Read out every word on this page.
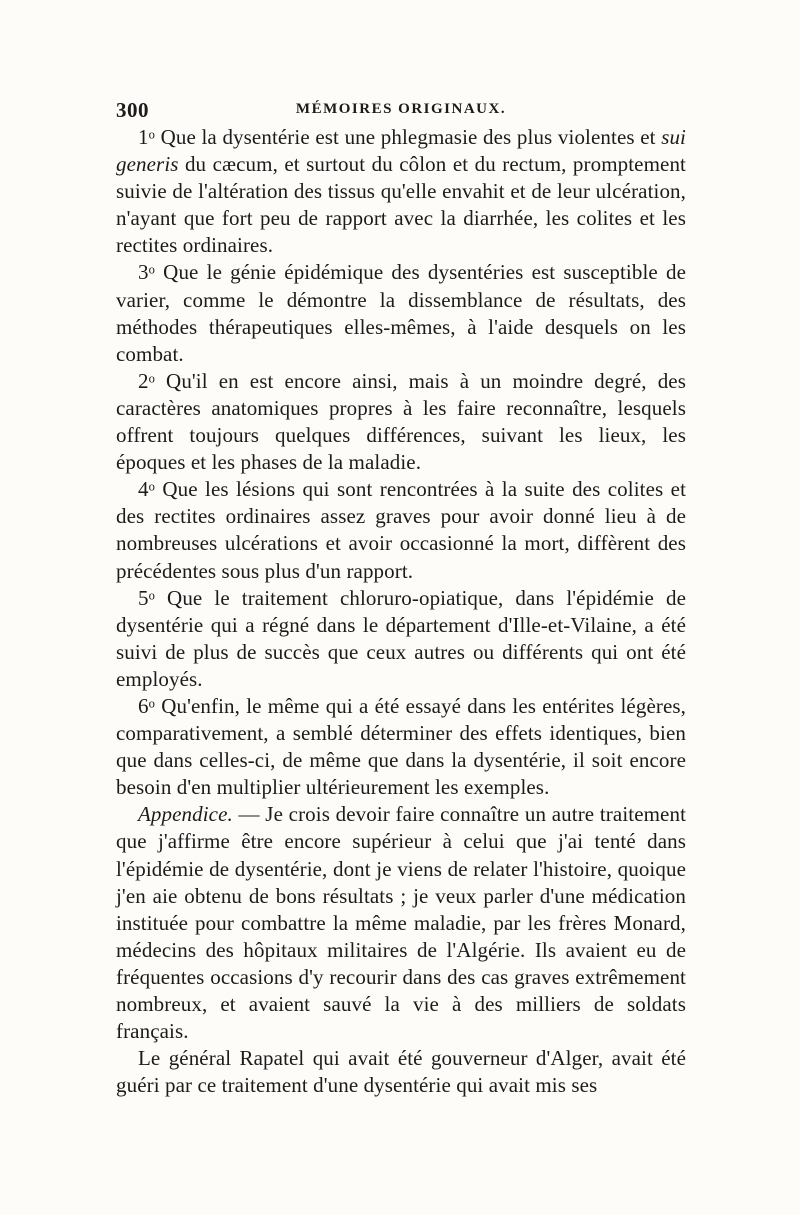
300	MÉMOIRES ORIGINAUX.

1$^o$ Que la dysentérie est une phlegmasie des plus violentes et sui generis du cæcum, et surtout du côlon et du rectum, promptement suivie de l'altération des tissus qu'elle envahit et de leur ulcération, n'ayant que fort peu de rapport avec la diarrhée, les colites et les rectites ordinaires.

3$^o$ Que le génie épidémique des dysentéries est susceptible de varier, comme le démontre la dissemblance de résultats, des méthodes thérapeutiques elles-mêmes, à l'aide desquels on les combat.

2$^o$ Qu'il en est encore ainsi, mais à un moindre degré, des caractères anatomiques propres à les faire reconnaître, lesquels offrent toujours quelques différences, suivant les lieux, les époques et les phases de la maladie.

4$^o$ Que les lésions qui sont rencontrées à la suite des colites et des rectites ordinaires assez graves pour avoir donné lieu à de nombreuses ulcérations et avoir occasionné la mort, diffèrent des précédentes sous plus d'un rapport.

5$^o$ Que le traitement chloruro-opiatique, dans l'épidémie de dysentérie qui a régné dans le département d'Ille-et-Vilaine, a été suivi de plus de succès que ceux autres ou différents qui ont été employés.

6$^o$ Qu'enfin, le même qui a été essayé dans les entérites légères, comparativement, a semblé déterminer des effets identiques, bien que dans celles-ci, de même que dans la dysentérie, il soit encore besoin d'en multiplier ultérieurement les exemples.

Appendice. — Je crois devoir faire connaître un autre traitement que j'affirme être encore supérieur à celui que j'ai tenté dans l'épidémie de dysentérie, dont je viens de relater l'histoire, quoique j'en aie obtenu de bons résultats ; je veux parler d'une médication instituée pour combattre la même maladie, par les frères Monard, médecins des hôpitaux militaires de l'Algérie. Ils avaient eu de fréquentes occasions d'y recourir dans des cas graves extrêmement nombreux, et avaient sauvé la vie à des milliers de soldats français.

Le général Rapatel qui avait été gouverneur d'Alger, avait été guéri par ce traitement d'une dysentérie qui avait mis ses
